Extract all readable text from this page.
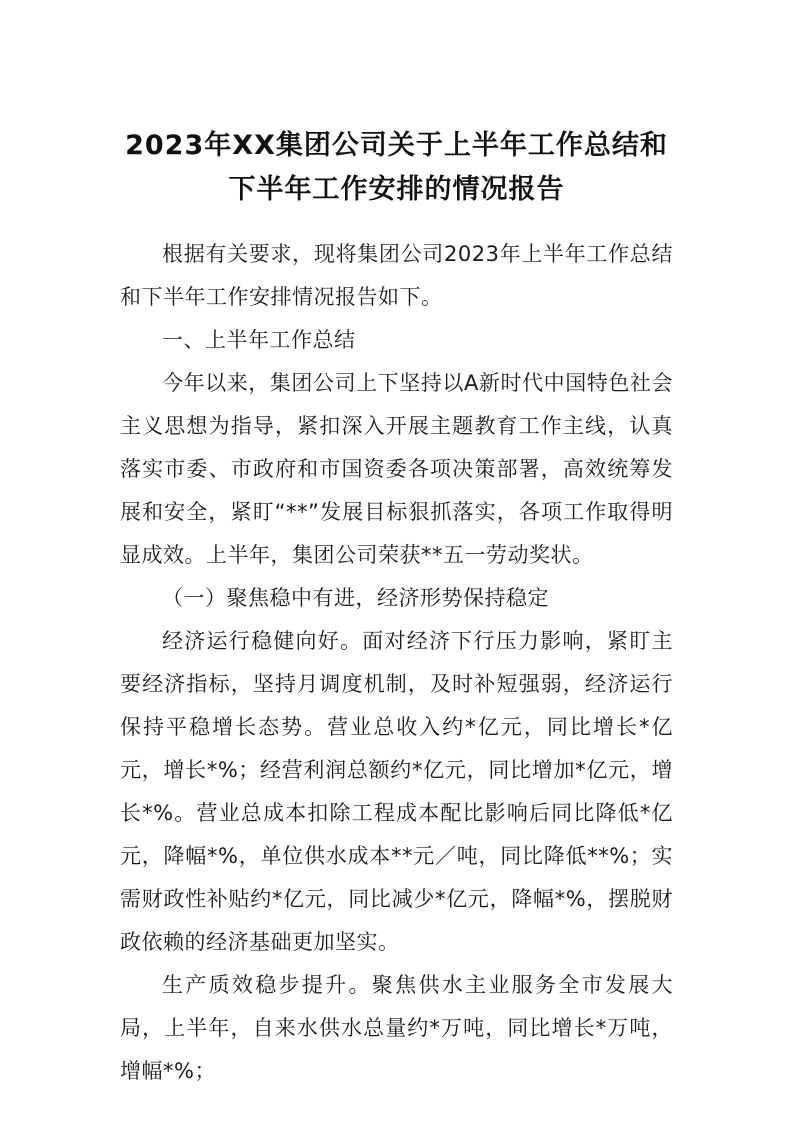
2023年XX集团公司关于上半年工作总结和
下半年工作安排的情况报告

根据有关要求，现将集团公司2023年上半年工作总结和下半年工作安排情况报告如下。

一、上半年工作总结

今年以来，集团公司上下坚持以A新时代中国特色社会主义思想为指导，紧扣深入开展主题教育工作主线，认真落实市委、市政府和市国资委各项决策部署，高效统筹发展和安全，紧盯“**”发展目标狠抓落实，各项工作取得明显成效。上半年，集团公司荣获**五一劳动奖状。

（一）聚焦稳中有进，经济形势保持稳定

经济运行稳健向好。面对经济下行压力影响，紧盯主要经济指标，坚持月调度机制，及时补短强弱，经济运行保持平稳增长态势。营业总收入约*亿元，同比增长*亿元，增长*%；经营利润总额约*亿元，同比增加*亿元，增长*%。营业总成本扣除工程成本配比影响后同比降低*亿元，降幅*%，单位供水成本**元／吨，同比降低**%；实需财政性补贴约*亿元，同比减少*亿元，降幅*%，摆脱财政依赖的经济基础更加坚实。

生产质效稳步提升。聚焦供水主业服务全市发展大局，上半年，自来水供水总量约*万吨，同比增长*万吨，增幅*%；
